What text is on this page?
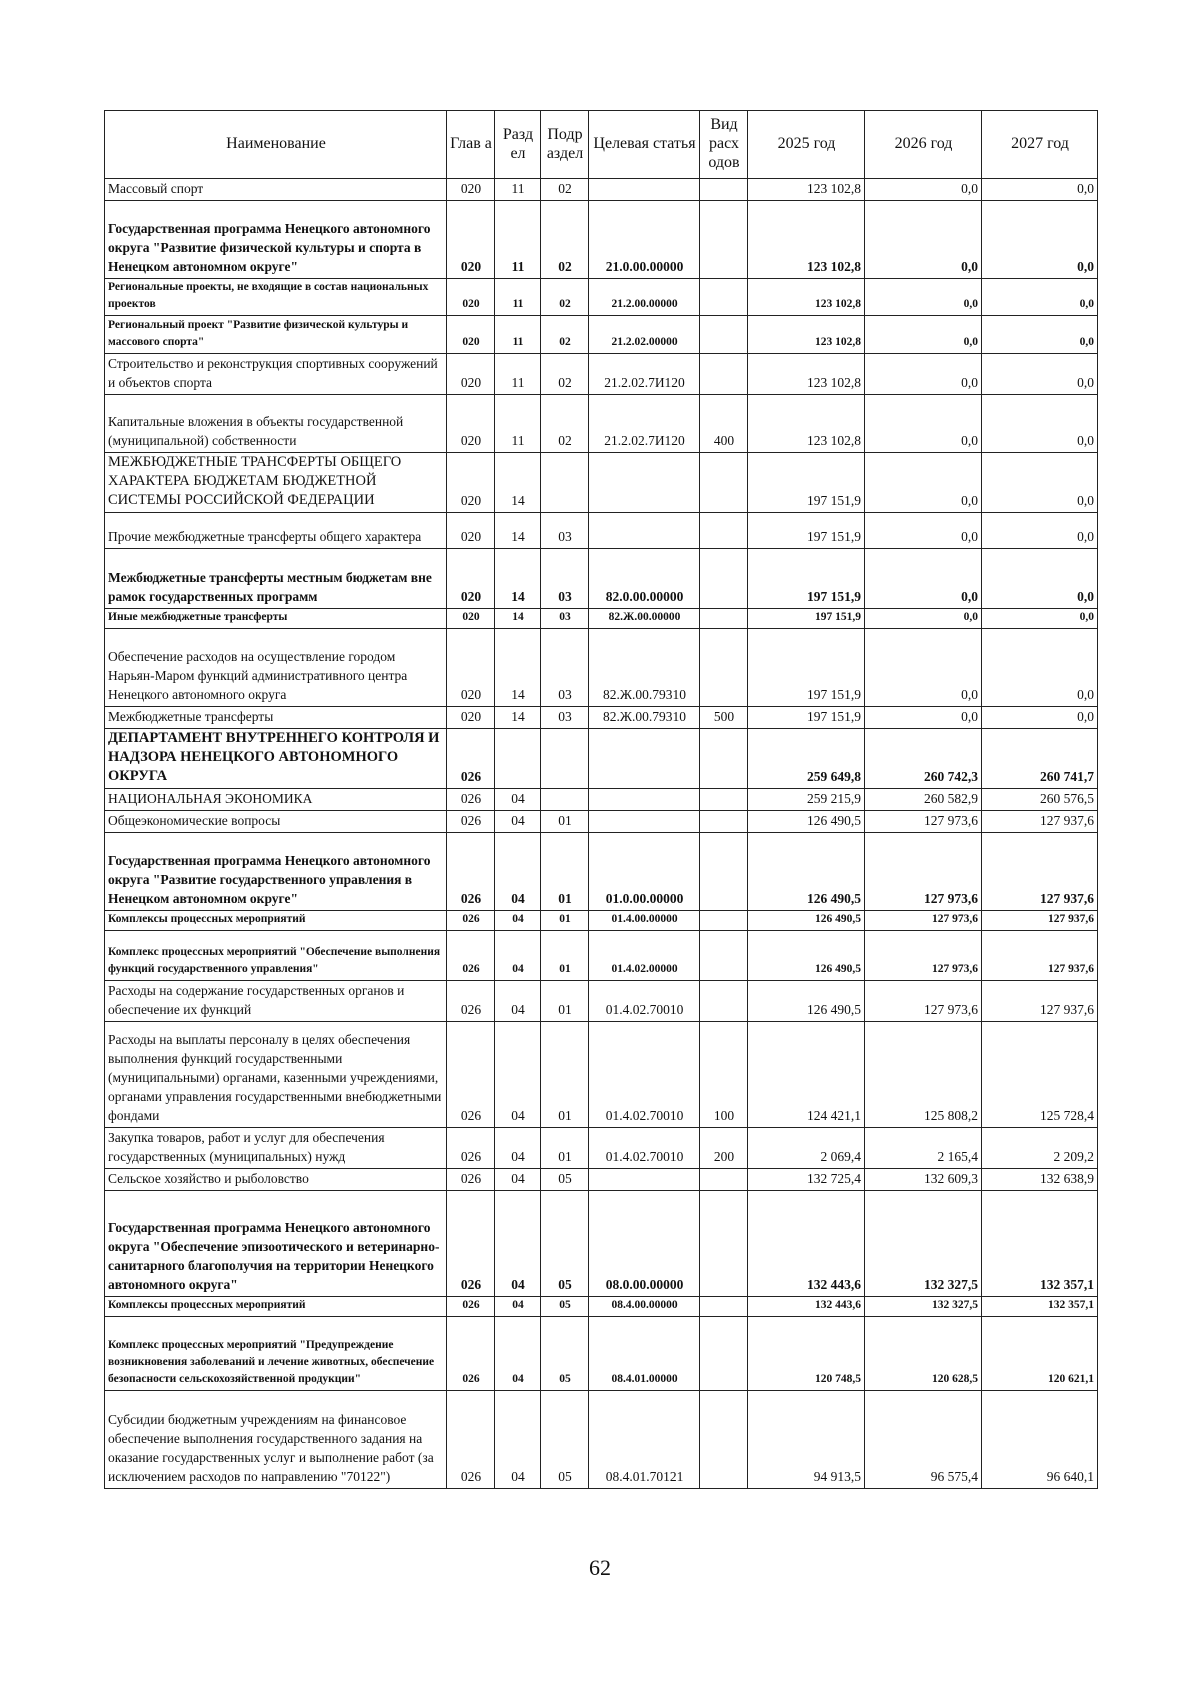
Наименование	Глав а	Разд ел	Подр аздел	Целевая статья	Вид расх одов	2025 год	2026 год	2027 год
Массовый спорт	020	11	02			123 102,8	0,0	0,0
Государственная программа Ненецкого автономного округа "Развитие физической культуры и спорта в Ненецком автономном округе"	020	11	02	21.0.00.00000		123 102,8	0,0	0,0
Региональные проекты, не входящие в состав национальных проектов	020	11	02	21.2.00.00000		123 102,8	0,0	0,0
Региональный проект "Развитие физической культуры и массового спорта"	020	11	02	21.2.02.00000		123 102,8	0,0	0,0
Строительство и реконструкция спортивных сооружений и объектов спорта	020	11	02	21.2.02.7И120		123 102,8	0,0	0,0
Капитальные вложения в объекты государственной (муниципальной) собственности	020	11	02	21.2.02.7И120	400	123 102,8	0,0	0,0
МЕЖБЮДЖЕТНЫЕ ТРАНСФЕРТЫ ОБЩЕГО ХАРАКТЕРА БЮДЖЕТАМ БЮДЖЕТНОЙ СИСТЕМЫ РОССИЙСКОЙ ФЕДЕРАЦИИ	020	14				197 151,9	0,0	0,0
Прочие межбюджетные трансферты общего характера	020	14	03			197 151,9	0,0	0,0
Межбюджетные трансферты местным бюджетам вне рамок государственных программ	020	14	03	82.0.00.00000		197 151,9	0,0	0,0
Иные межбюджетные трансферты	020	14	03	82.Ж.00.00000		197 151,9	0,0	0,0
Обеспечение расходов на осуществление городом Нарьян-Маром функций административного центра Ненецкого автономного округа	020	14	03	82.Ж.00.79310		197 151,9	0,0	0,0
Межбюджетные трансферты	020	14	03	82.Ж.00.79310	500	197 151,9	0,0	0,0
ДЕПАРТАМЕНТ ВНУТРЕННЕГО КОНТРОЛЯ И НАДЗОРА НЕНЕЦКОГО АВТОНОМНОГО ОКРУГА	026					259 649,8	260 742,3	260 741,7
НАЦИОНАЛЬНАЯ ЭКОНОМИКА	026	04				259 215,9	260 582,9	260 576,5
Общеэкономические вопросы	026	04	01			126 490,5	127 973,6	127 937,6
Государственная программа Ненецкого автономного округа "Развитие государственного управления в Ненецком автономном округе"	026	04	01	01.0.00.00000		126 490,5	127 973,6	127 937,6
Комплексы процессных мероприятий	026	04	01	01.4.00.00000		126 490,5	127 973,6	127 937,6
Комплекс процессных мероприятий "Обеспечение выполнения функций государственного управления"	026	04	01	01.4.02.00000		126 490,5	127 973,6	127 937,6
Расходы на содержание государственных органов и обеспечение их функций	026	04	01	01.4.02.70010		126 490,5	127 973,6	127 937,6
Расходы на выплаты персоналу в целях обеспечения выполнения функций государственными (муниципальными) органами, казенными учреждениями, органами управления государственными внебюджетными фондами	026	04	01	01.4.02.70010	100	124 421,1	125 808,2	125 728,4
Закупка товаров, работ и услуг для обеспечения государственных (муниципальных) нужд	026	04	01	01.4.02.70010	200	2 069,4	2 165,4	2 209,2
Сельское хозяйство и рыболовство	026	04	05			132 725,4	132 609,3	132 638,9
Государственная программа Ненецкого автономного округа "Обеспечение эпизоотического и ветеринарно-санитарного благополучия на территории Ненецкого автономного округа"	026	04	05	08.0.00.00000		132 443,6	132 327,5	132 357,1
Комплексы процессных мероприятий	026	04	05	08.4.00.00000		132 443,6	132 327,5	132 357,1
Комплекс процессных мероприятий "Предупреждение возникновения заболеваний и лечение животных, обеспечение безопасности сельскохозяйственной продукции"	026	04	05	08.4.01.00000		120 748,5	120 628,5	120 621,1
Субсидии бюджетным учреждениям на финансовое обеспечение выполнения государственного задания на оказание государственных услуг и выполнение работ (за исключением расходов по направлению "70122")	026	04	05	08.4.01.70121		94 913,5	96 575,4	96 640,1
62
